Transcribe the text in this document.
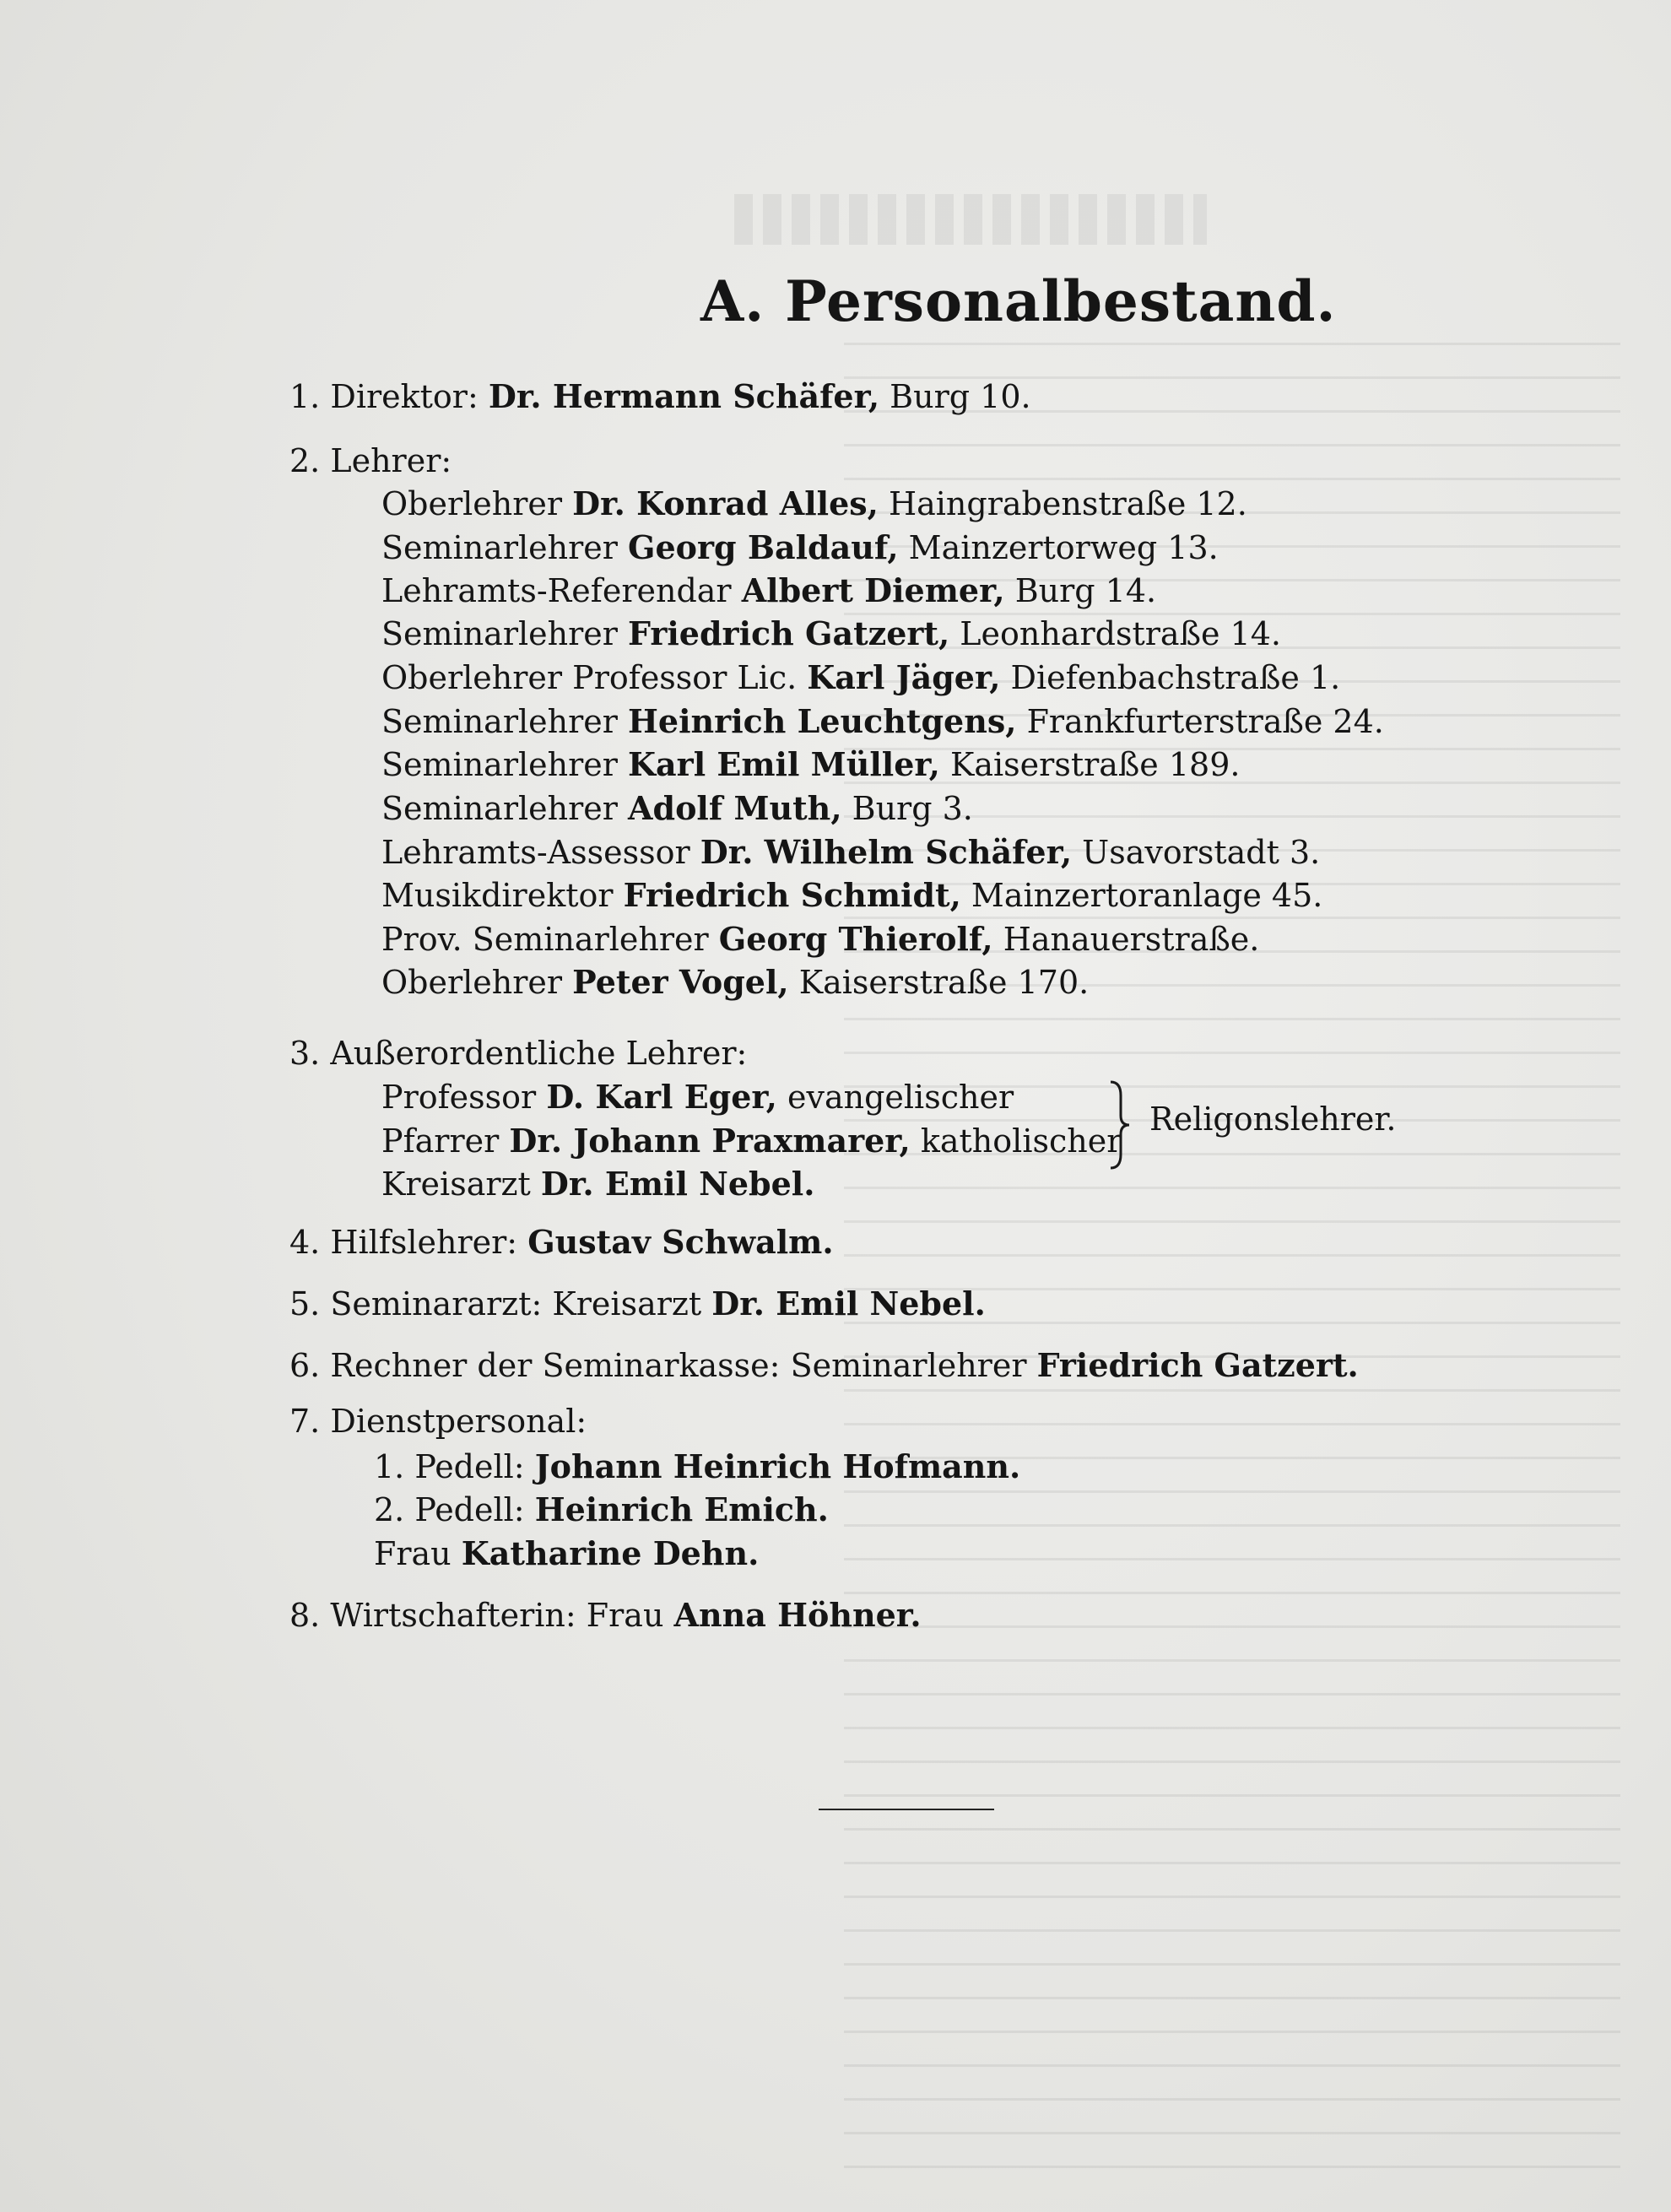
A. Personalbestand.
1. Direktor: Dr. Hermann Schäfer, Burg 10.
2. Lehrer:
Oberlehrer Dr. Konrad Alles, Haingrabenstraße 12.
Seminarlehrer Georg Baldauf, Mainzertorweg 13.
Lehramts-Referendar Albert Diemer, Burg 14.
Seminarlehrer Friedrich Gatzert, Leonhardstraße 14.
Oberlehrer Professor Lic. Karl Jäger, Diefenbachstraße 1.
Seminarlehrer Heinrich Leuchtgens, Frankfurterstraße 24.
Seminarlehrer Karl Emil Müller, Kaiserstraße 189.
Seminarlehrer Adolf Muth, Burg 3.
Lehramts-Assessor Dr. Wilhelm Schäfer, Usavorstadt 3.
Musikdirektor Friedrich Schmidt, Mainzertoranlage 45.
Prov. Seminarlehrer Georg Thierolf, Hanauerstraße.
Oberlehrer Peter Vogel, Kaiserstraße 170.
3. Außerordentliche Lehrer:
Professor D. Karl Eger, evangelischer
Pfarrer Dr. Johann Praxmarer, katholischer
Kreisarzt Dr. Emil Nebel.
Religonslehrer.
4. Hilfslehrer: Gustav Schwalm.
5. Seminararzt: Kreisarzt Dr. Emil Nebel.
6. Rechner der Seminarkasse: Seminarlehrer Friedrich Gatzert.
7. Dienstpersonal:
1. Pedell: Johann Heinrich Hofmann.
2. Pedell: Heinrich Emich.
Frau Katharine Dehn.
8. Wirtschafterin: Frau Anna Höhner.
